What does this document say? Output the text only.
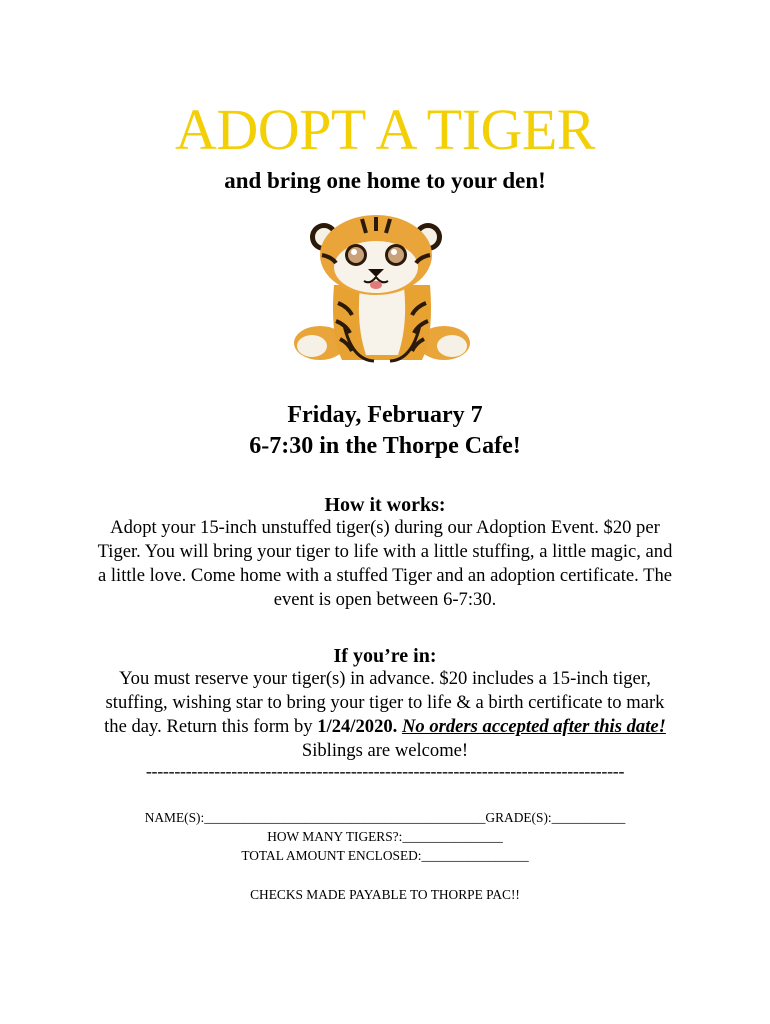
ADOPT A TIGER
and bring one home to your den!
Friday, February 7
6-7:30 in the Thorpe Cafe!
How it works:
Adopt your 15-inch unstuffed tiger(s) during our Adoption Event. $20 per Tiger. You will bring your tiger to life with a little stuffing, a little magic, and a little love. Come home with a stuffed Tiger and an adoption certificate. The event is open between 6-7:30.
If you’re in:
You must reserve your tiger(s) in advance. $20 includes a 15-inch tiger, stuffing, wishing star to bring your tiger to life & a birth certificate to mark the day. Return this form by 1/24/2020. No orders accepted after this date! Siblings are welcome!
------------------------------------------------------------------------------------
NAME(S):__________________________________________GRADE(S):___________
HOW MANY TIGERS?:_______________
TOTAL AMOUNT ENCLOSED:________________
CHECKS MADE PAYABLE TO THORPE PAC!!
